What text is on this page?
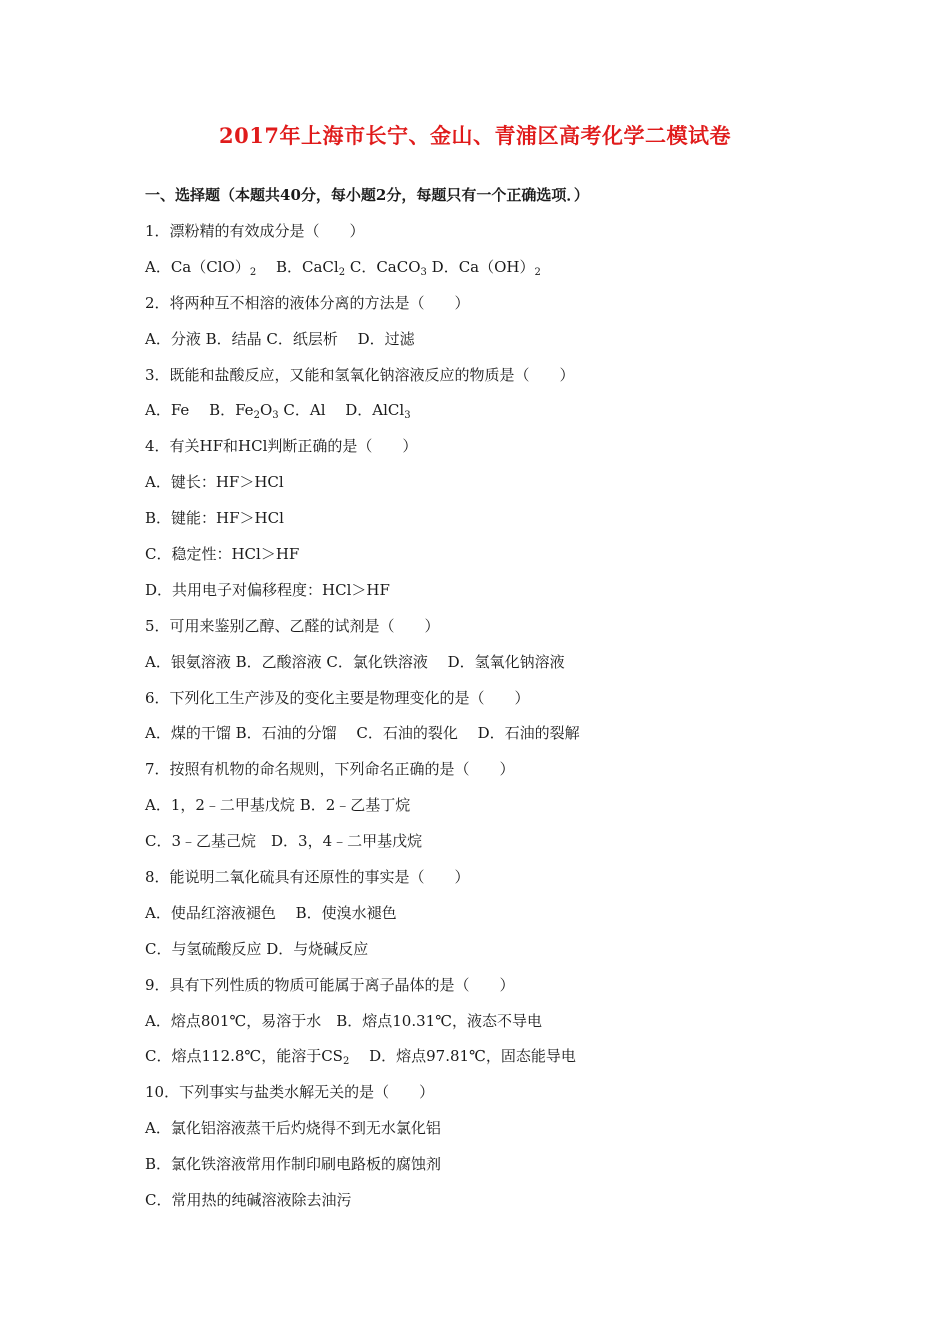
2017年上海市长宁、金山、青浦区高考化学二模试卷
一、选择题（本题共40分，每小题2分，每题只有一个正确选项．）
1．漂粉精的有效成分是（　　）
A．$Ca(ClO)_2$　 B．CaCl$_2$ C．CaCO$_3$ D．$Ca(OH)_2$
2．将两种互不相溶的液体分离的方法是（　　）
A．分液 B．结晶 C．纸层析　 D．过滤
3．既能和盐酸反应，又能和氢氧化钠溶液反应的物质是（　　）
A．Fe　 B．$Fe_2O_3$ C．Al　 D．AlCl$_3$
4．有关HF和HCl判断正确的是（　　）
A．键长：HF＞HCl
B．键能：HF＞HCl
C．稳定性：HCl＞HF
D．共用电子对偏移程度：HCl＞HF
5．可用来鉴别乙醇、乙醛的试剂是（　　）
A．银氨溶液 B．乙酸溶液 C．氯化铁溶液　 D．氢氧化钠溶液
6．下列化工生产涉及的变化主要是物理变化的是（　　）
A．煤的干馏 B．石油的分馏　 C．石油的裂化　 D．石油的裂解
7．按照有机物的命名规则，下列命名正确的是（　　）
A．1，2﹣二甲基戊烷 B．2﹣乙基丁烷
C．3﹣乙基己烷　D．3，4﹣二甲基戊烷
8．能说明二氧化硫具有还原性的事实是（　　）
A．使品红溶液褪色　 B．使溴水褪色
C．与氢硫酸反应 D．与烧碱反应
9．具有下列性质的物质可能属于离子晶体的是（　　）
A．熔点801℃，易溶于水　B．熔点10.31℃，液态不导电
C．熔点112.8℃，能溶于$CS_2$　 D．熔点97.81℃，固态能导电
10．下列事实与盐类水解无关的是（　　）
A．氯化铝溶液蒸干后灼烧得不到无水氯化铝
B．氯化铁溶液常用作制印刷电路板的腐蚀剂
C．常用热的纯碱溶液除去油污
